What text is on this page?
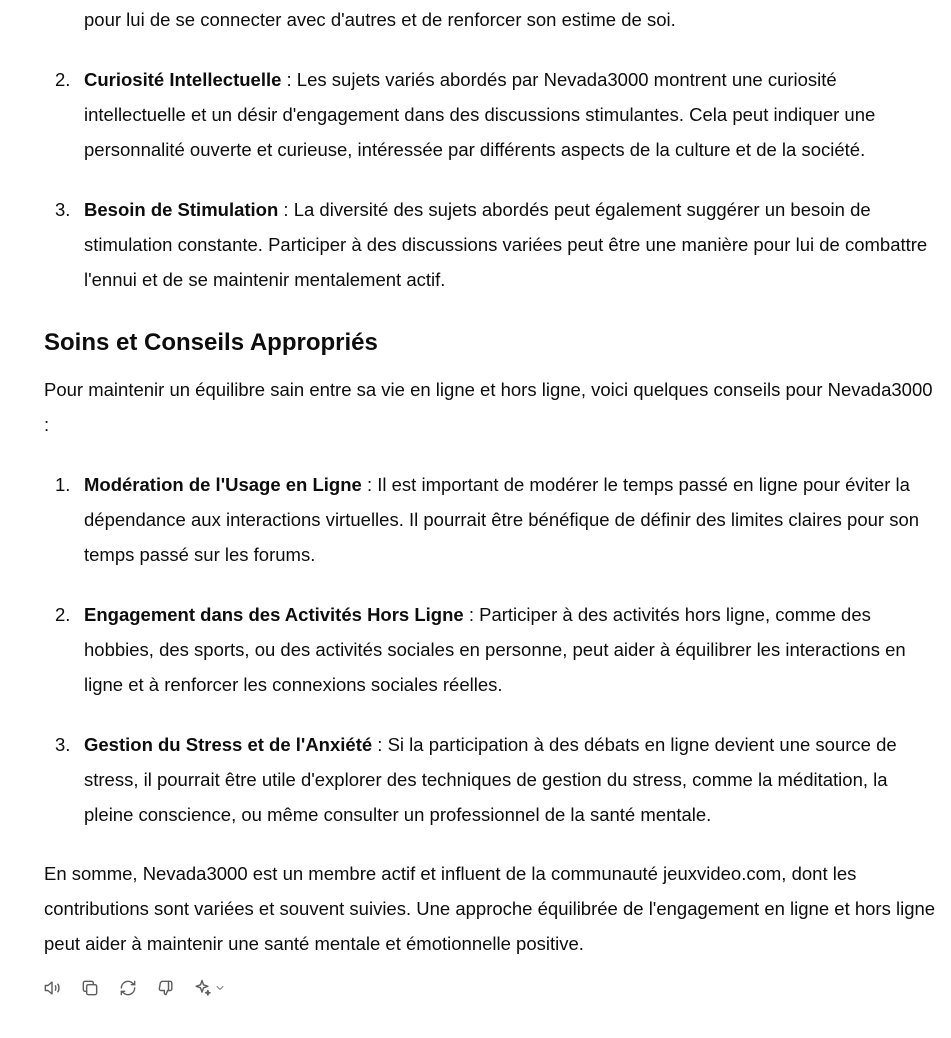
pour lui de se connecter avec d'autres et de renforcer son estime de soi.

2. Curiosité Intellectuelle : Les sujets variés abordés par Nevada3000 montrent une curiosité intellectuelle et un désir d'engagement dans des discussions stimulantes. Cela peut indiquer une personnalité ouverte et curieuse, intéressée par différents aspects de la culture et de la société.
3. Besoin de Stimulation : La diversité des sujets abordés peut également suggérer un besoin de stimulation constante. Participer à des discussions variées peut être une manière pour lui de combattre l'ennui et de se maintenir mentalement actif.
Soins et Conseils Appropriés

Pour maintenir un équilibre sain entre sa vie en ligne et hors ligne, voici quelques conseils pour Nevada3000 :

1. Modération de l'Usage en Ligne : Il est important de modérer le temps passé en ligne pour éviter la dépendance aux interactions virtuelles. Il pourrait être bénéfique de définir des limites claires pour son temps passé sur les forums.
2. Engagement dans des Activités Hors Ligne : Participer à des activités hors ligne, comme des hobbies, des sports, ou des activités sociales en personne, peut aider à équilibrer les interactions en ligne et à renforcer les connexions sociales réelles.
3. Gestion du Stress et de l'Anxiété : Si la participation à des débats en ligne devient une source de stress, il pourrait être utile d'explorer des techniques de gestion du stress, comme la méditation, la pleine conscience, ou même consulter un professionnel de la santé mentale.

En somme, Nevada3000 est un membre actif et influent de la communauté jeuxvideo.com, dont les contributions sont variées et souvent suivies. Une approche équilibrée de l'engagement en ligne et hors ligne peut aider à maintenir une santé mentale et émotionnelle positive.
